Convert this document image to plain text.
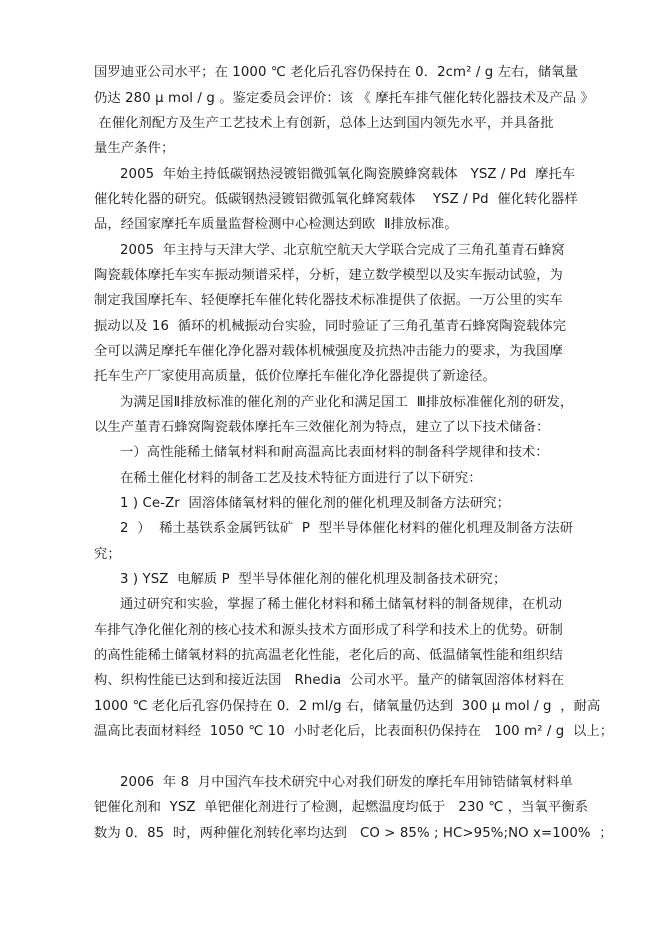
国罗迪亚公司水平；在 1000 ℃ 老化后孔容仍保持在 0．2cm² / g 左右，储氧量
仍达 280 μ mol / g 。鉴定委员会评价：该 《 摩托车排气催化转化器技术及产品 》
在催化剂配方及生产工艺技术上有创新，总体上达到国内领先水平，并具备批
量生产条件；
2005  年始主持低碳钢热浸镀铝微弧氧化陶瓷膜蜂窝载体   YSZ / Pd  摩托车
催化转化器的研究。低碳钢热浸镀铝微弧氧化蜂窝载体    YSZ / Pd  催化转化器样
品，经国家摩托车质量监督检测中心检测达到欧  Ⅱ排放标准。
2005  年主持与天津大学、北京航空航天大学联合完成了三角孔堇青石蜂窝
陶瓷载体摩托车实车振动频谱采样，分析，建立数学模型以及实车振动试验，为
制定我国摩托车、轻便摩托车催化转化器技术标准提供了依据。一万公里的实车
振动以及 16  循环的机械振动台实验，同时验证了三角孔堇青石蜂窝陶瓷载体完
全可以满足摩托车催化净化器对载体机械强度及抗热冲击能力的要求，为我国摩
托车生产厂家使用高质量，低价位摩托车催化净化器提供了新途径。
为满足国Ⅱ排放标准的催化剂的产业化和满足国工  Ⅲ排放标准催化剂的研发，
以生产堇青石蜂窝陶瓷载体摩托车三效催化剂为特点，建立了以下技术储备：
一）高性能稀土储氧材料和耐高温高比表面材料的制备科学规律和技术：
在稀土催化材料的制备工艺及技术特征方面进行了以下研究：
1 ) Ce-Zr  固溶体储氧材料的催化剂的催化机理及制备方法研究；
2  ）  稀土基铁系金属钙钛矿  P  型半导体催化材料的催化机理及制备方法研
究；
3 ) YSZ  电解质 P  型半导体催化剂的催化机理及制备技术研究；
通过研究和实验，掌握了稀土催化材料和稀土储氧材料的制备规律，在机动
车排气净化催化剂的核心技术和源头技术方面形成了科学和技术上的优势。研制
的高性能稀土储氧材料的抗高温老化性能，老化后的高、低温储氧性能和组织结
构、织构性能已达到和接近法国   Rhedia  公司水平。量产的储氧固溶体材料在
1000 ℃ 老化后孔容仍保持在 0．2 ml/g 右，储氧量仍达到  300 μ mol / g  ，耐高
温高比表面材料经  1050 ℃ 10  小时老化后，比表面积仍保持在   100 m² / g  以上；
2006  年 8  月中国汽车技术研究中心对我们研发的摩托车用铈锆储氧材料单
钯催化剂和  YSZ  单钯催化剂进行了检测，起燃温度均低于   230 ℃ ，当氧平衡系
数为 0．85  时，两种催化剂转化率均达到   CO > 85% ; HC>95%;NO x=100%  ；
